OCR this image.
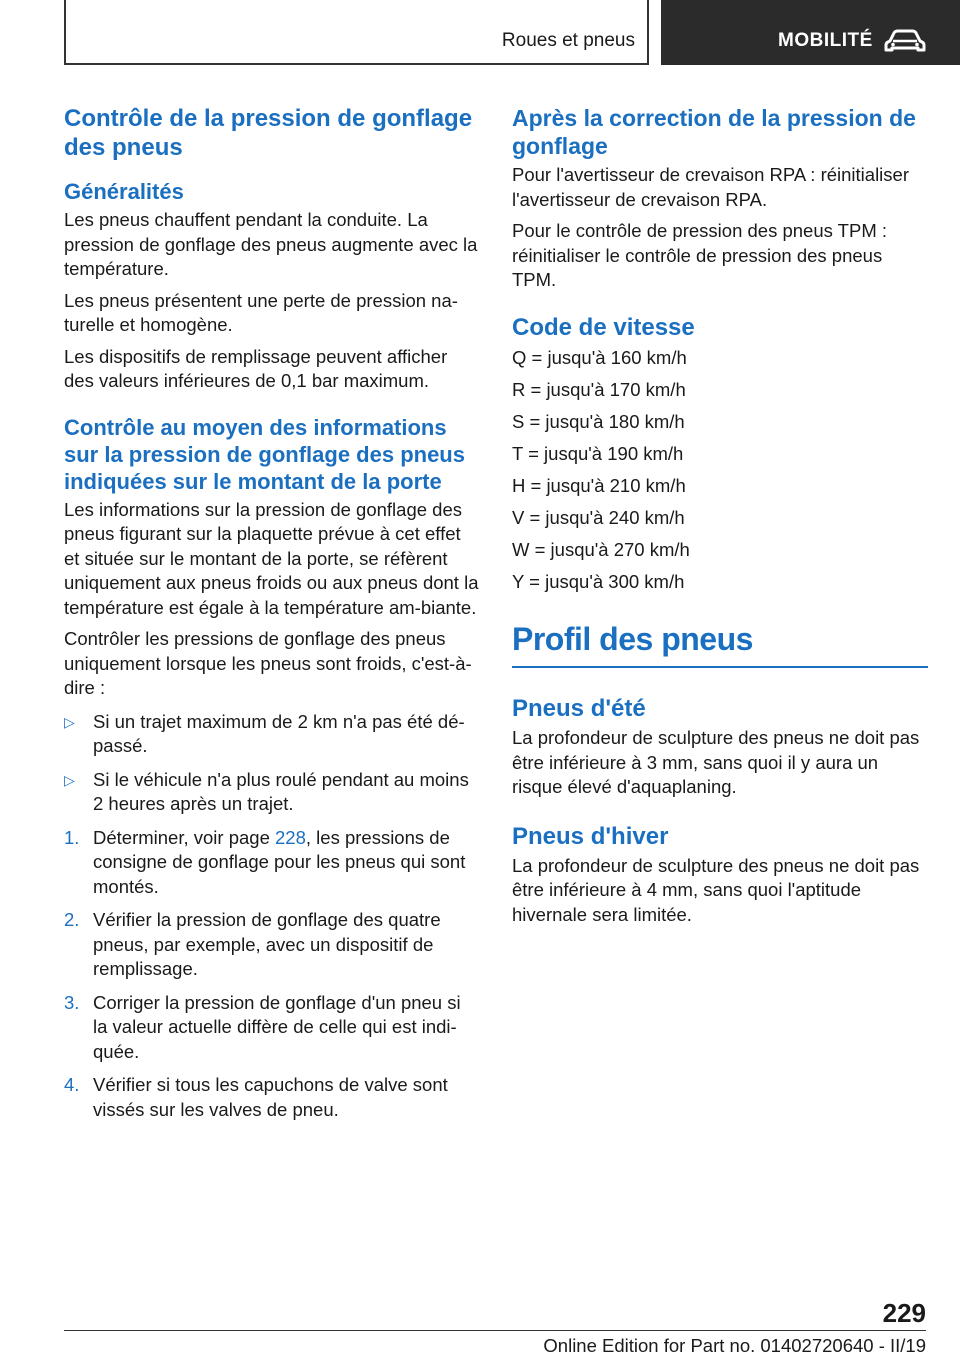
Roues et pneus	MOBILITÉ
Contrôle de la pression de gonflage des pneus
Généralités
Les pneus chauffent pendant la conduite. La pression de gonflage des pneus augmente avec la température.
Les pneus présentent une perte de pression na‐turelle et homogène.
Les dispositifs de remplissage peuvent afficher des valeurs inférieures de 0,1 bar maximum.
Contrôle au moyen des informations sur la pression de gonflage des pneus indiquées sur le montant de la porte
Les informations sur la pression de gonflage des pneus figurant sur la plaquette prévue à cet effet et située sur le montant de la porte, se réfèrent uniquement aux pneus froids ou aux pneus dont la température est égale à la température am‐biante.
Contrôler les pressions de gonflage des pneus uniquement lorsque les pneus sont froids, c'est-à-dire :
▷ Si un trajet maximum de 2 km n'a pas été dé‐passé.
▷ Si le véhicule n'a plus roulé pendant au moins 2 heures après un trajet.
1. Déterminer, voir page 228, les pressions de consigne de gonflage pour les pneus qui sont montés.
2. Vérifier la pression de gonflage des quatre pneus, par exemple, avec un dispositif de remplissage.
3. Corriger la pression de gonflage d'un pneu si la valeur actuelle diffère de celle qui est indi‐quée.
4. Vérifier si tous les capuchons de valve sont vissés sur les valves de pneu.
Après la correction de la pression de gonflage
Pour l'avertisseur de crevaison RPA : réinitialiser l'avertisseur de crevaison RPA.
Pour le contrôle de pression des pneus TPM : réinitialiser le contrôle de pression des pneus TPM.
Code de vitesse
Q = jusqu'à 160 km/h
R = jusqu'à 170 km/h
S = jusqu'à 180 km/h
T = jusqu'à 190 km/h
H = jusqu'à 210 km/h
V = jusqu'à 240 km/h
W = jusqu'à 270 km/h
Y = jusqu'à 300 km/h
Profil des pneus
Pneus d'été
La profondeur de sculpture des pneus ne doit pas être inférieure à 3 mm, sans quoi il y aura un risque élevé d'aquaplaning.
Pneus d'hiver
La profondeur de sculpture des pneus ne doit pas être inférieure à 4 mm, sans quoi l'aptitude hivernale sera limitée.
229
Online Edition for Part no. 01402720640 - II/19
